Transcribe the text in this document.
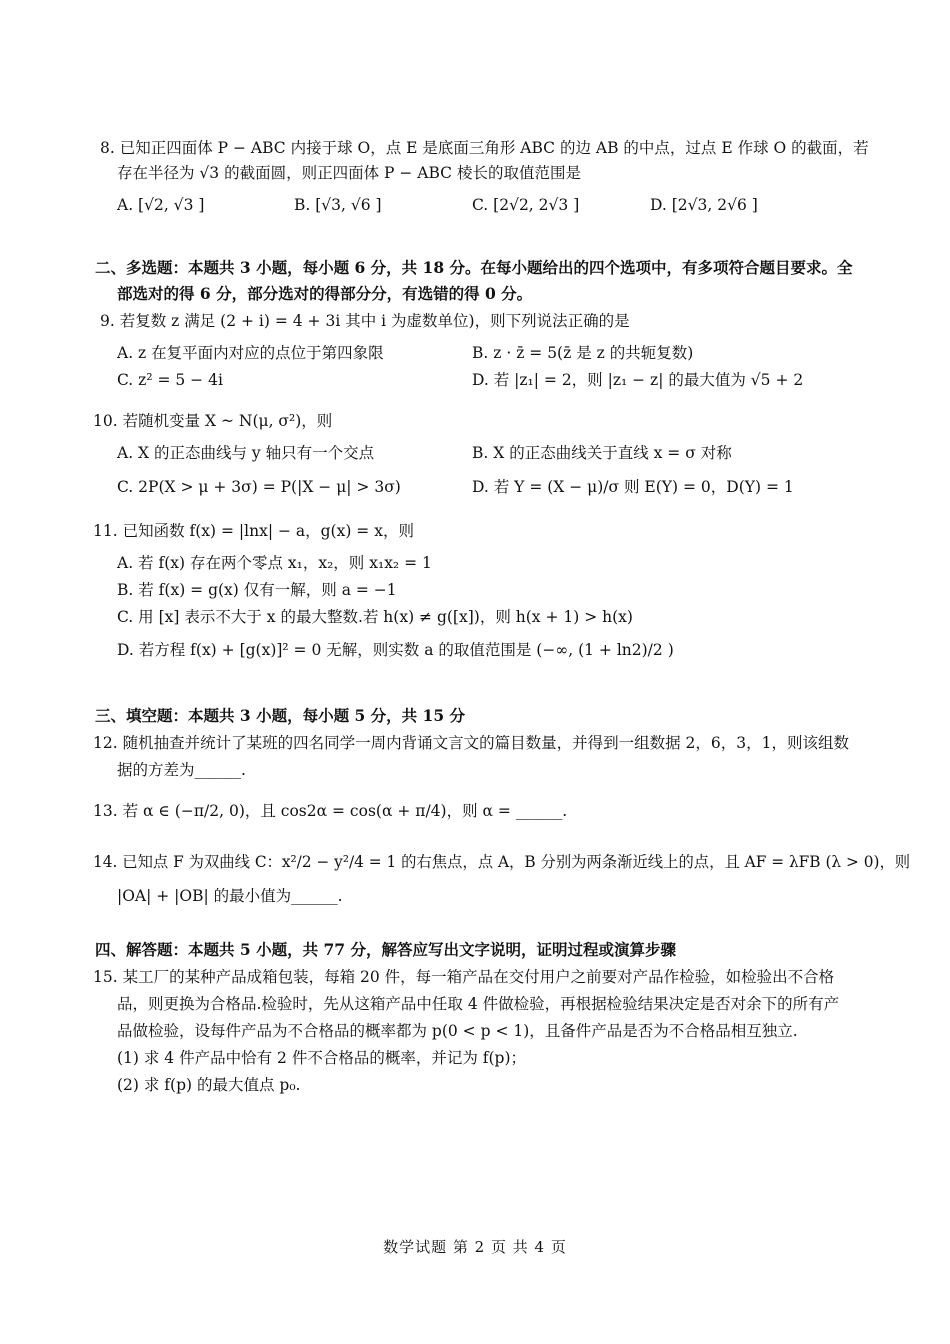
8. 已知正四面体 P − ABC 内接于球 O，点 E 是底面三角形 ABC 的边 AB 的中点，过点 E 作球 O 的截面，若
存在半径为 √3 的截面圆，则正四面体 P − ABC 棱长的取值范围是
A. [√2, √3 ]	B. [√3, √6 ]	C. [2√2, 2√3 ]	D. [2√3, 2√6 ]
二、多选题：本题共 3 小题，每小题 6 分，共 18 分。在每小题给出的四个选项中，有多项符合题目要求。全
部选对的得 6 分，部分选对的得部分分，有选错的得 0 分。
9. 若复数 z 满足 (2 + i) = 4 + 3i 其中 i 为虚数单位)，则下列说法正确的是
A. z 在复平面内对应的点位于第四象限	B. z · z̄ = 5(z̄ 是 z 的共轭复数)
C. z² = 5 − 4i	D. 若 |z₁| = 2，则 |z₁ − z| 的最大值为 √5 + 2
10. 若随机变量 X ~ N(μ, σ²)，则
A. X 的正态曲线与 y 轴只有一个交点	B. X 的正态曲线关于直线 x = σ 对称
C. 2P(X > μ + 3σ) = P(|X − μ| > 3σ)	D. 若 Y = (X − μ)/σ 则 E(Y) = 0，D(Y) = 1
11. 已知函数 f(x) = |lnx| − a，g(x) = x，则
A. 若 f(x) 存在两个零点 x₁，x₂，则 x₁x₂ = 1
B. 若 f(x) = g(x) 仅有一解，则 a = −1
C. 用 [x] 表示不大于 x 的最大整数.若 h(x) ≠ g([x])，则 h(x + 1) > h(x)
D. 若方程 f(x) + [g(x)]² = 0 无解，则实数 a 的取值范围是 (−∞, (1 + ln2)/2 )
三、填空题：本题共 3 小题，每小题 5 分，共 15 分
12. 随机抽查并统计了某班的四名同学一周内背诵文言文的篇目数量，并得到一组数据 2，6，3，1，则该组数
据的方差为______.
13. 若 α ∈ (−π/2, 0)，且 cos2α = cos(α + π/4)，则 α = ______.
14. 已知点 F 为双曲线 C：x²/2 − y²/4 = 1 的右焦点，点 A，B 分别为两条渐近线上的点，且 AF = λFB (λ > 0)，则
|OA| + |OB| 的最小值为______.
四、解答题：本题共 5 小题，共 77 分，解答应写出文字说明，证明过程或演算步骤
15. 某工厂的某种产品成箱包装，每箱 20 件，每一箱产品在交付用户之前要对产品作检验，如检验出不合格
品，则更换为合格品.检验时，先从这箱产品中任取 4 件做检验，再根据检验结果决定是否对余下的所有产
品做检验，设每件产品为不合格品的概率都为 p(0 < p < 1)，且备件产品是否为不合格品相互独立.
(1) 求 4 件产品中恰有 2 件不合格品的概率，并记为 f(p)；
(2) 求 f(p) 的最大值点 p₀.
数学试题 第 2 页 共 4 页
